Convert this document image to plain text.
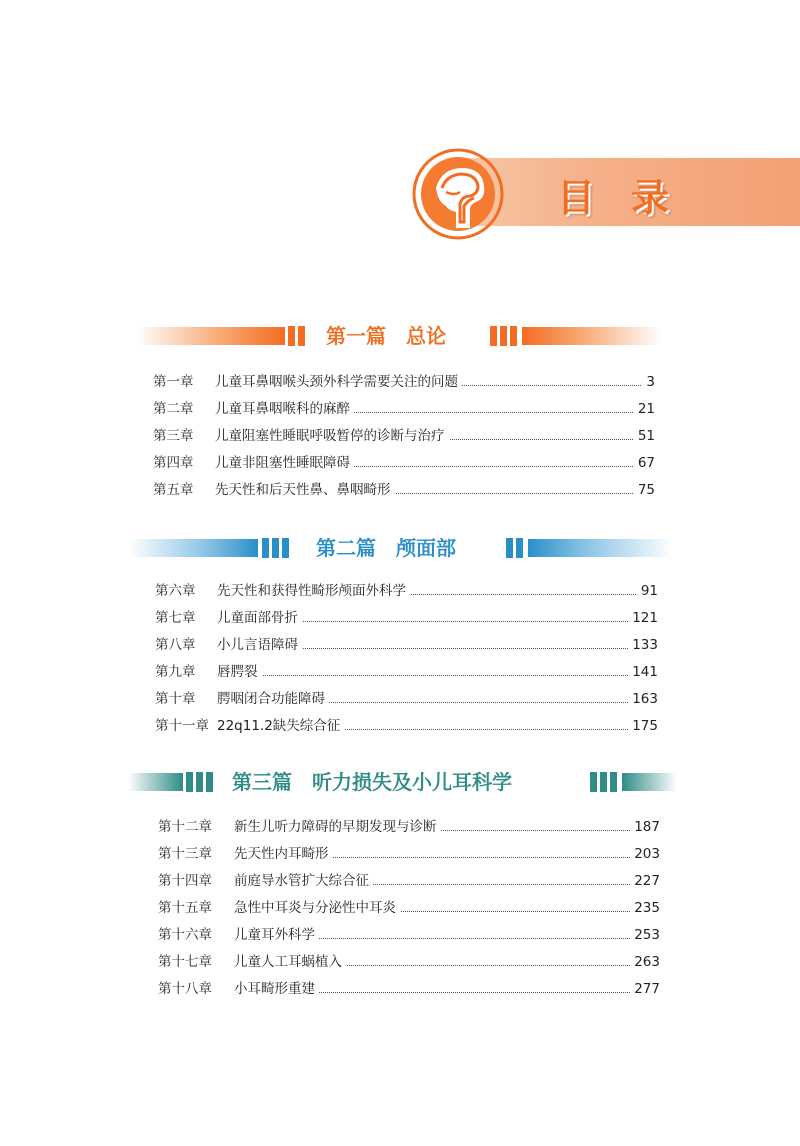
目录
第一篇　总论
第二篇　颅面部
第三篇　听力损失及小儿耳科学
第一章 儿童耳鼻咽喉头颈外科学需要关注的问题	3
第二章 儿童耳鼻咽喉科的麻醉	21
第三章 儿童阻塞性睡眠呼吸暂停的诊断与治疗	51
第四章 儿童非阻塞性睡眠障碍	67
第五章 先天性和后天性鼻、鼻咽畸形	75
第六章 先天性和获得性畸形颅面外科学	91
第七章 儿童面部骨折	121
第八章 小儿言语障碍	133
第九章 唇腭裂	141
第十章 腭咽闭合功能障碍	163
第十一章 22q11.2缺失综合征	175
第十二章 新生儿听力障碍的早期发现与诊断	187
第十三章 先天性内耳畸形	203
第十四章 前庭导水管扩大综合征	227
第十五章 急性中耳炎与分泌性中耳炎	235
第十六章 儿童耳外科学	253
第十七章 儿童人工耳蜗植入	263
第十八章 小耳畸形重建	277
